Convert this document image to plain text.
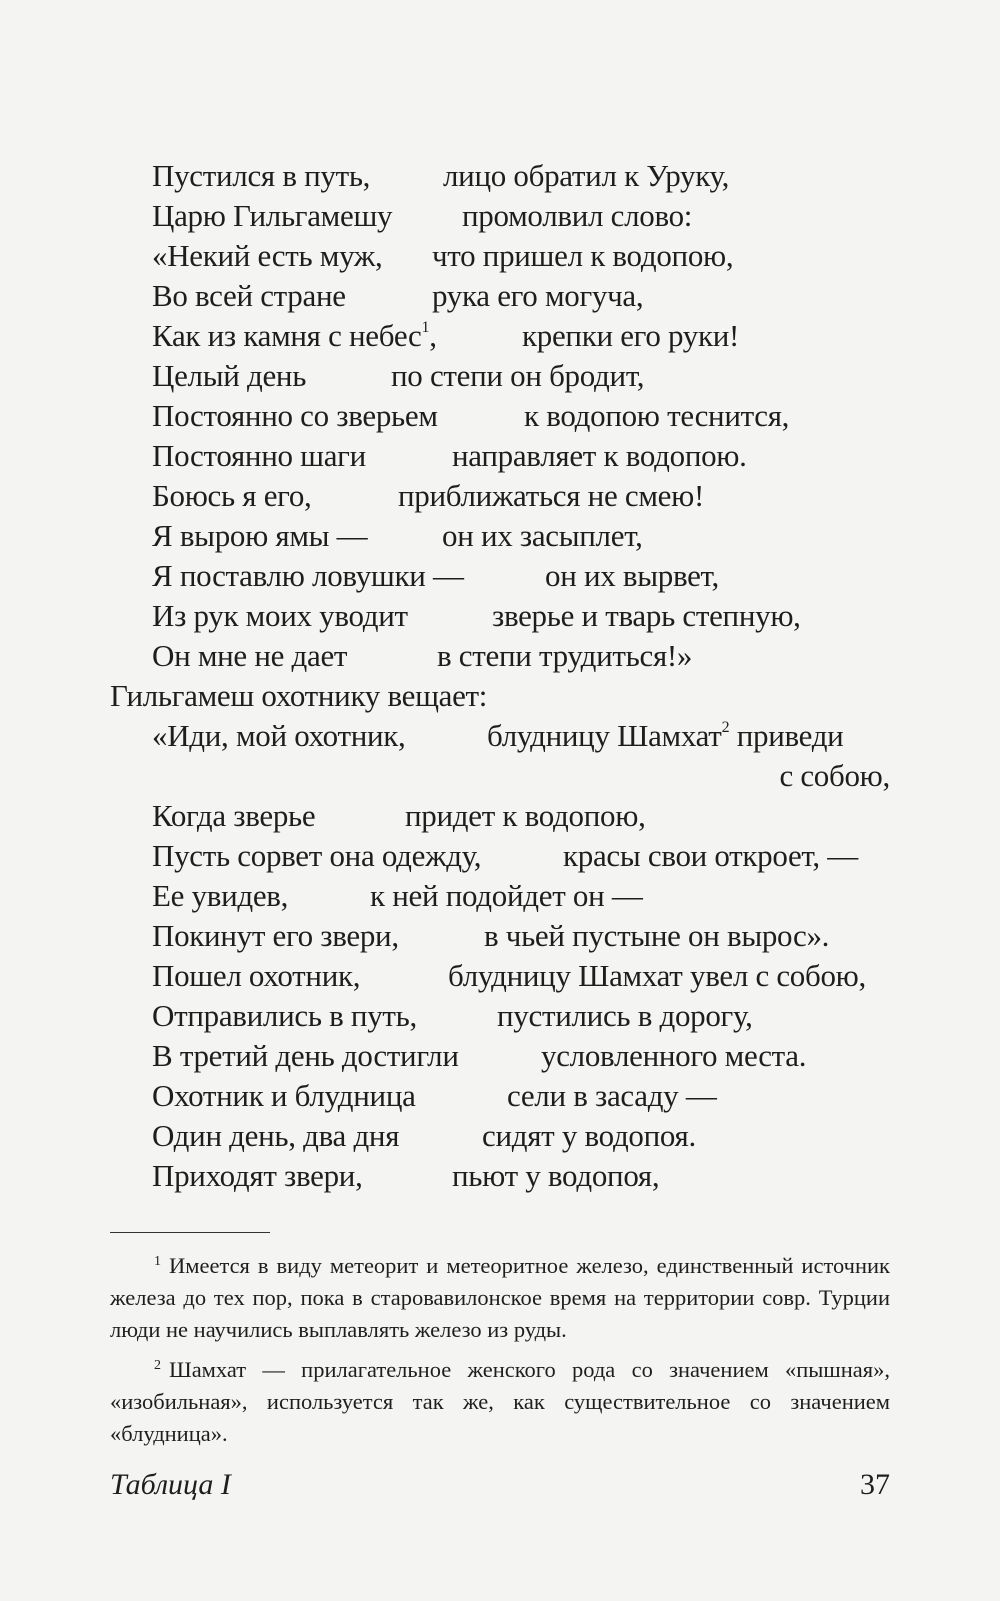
Пустился в путь, лицо обратил к Уруку,
Царю Гильгамешу промолвил слово:
«Некий есть муж, что пришел к водопою,
Во всей стране	рука его могуча,
Как из камня с небес$^1$,	крепки его руки!
Целый день	по степи он бродит,
Постоянно со зверьем	к водопою теснится,
Постоянно шаги	направляет к водопою.
Боюсь я его,	приближаться не смею!
Я вырою ямы — он их засыплет,
Я поставлю ловушки —	он их вырвет,
Из рук моих уводит	зверье и тварь степную,
Он мне не дает	в степи трудиться!»
Гильгамеш охотнику вещает:
«Иди, мой охотник,	блудницу Шамхат$^2$ приведи
с собою,
Когда зверье	придет к водопою,
Пусть сорвет она одежду,	красы свои откроет, —
Ее увидев,	к ней подойдет он —
Покинут его звери,	в чьей пустыне он вырос».
Пошел охотник,	блудницу Шамхат увел с собою,
Отправились в путь,	пустились в дорогу,
В третий день достигли	условленного места.
Охотник и блудница	сели в засаду —
Один день, два дня	сидят у водопоя.
Приходят звери,	пьют у водопоя,

$^1$ Имеется в виду метеорит и метеоритное железо, единственный источник железа до тех пор, пока в старовавилонское время на территории совр. Турции люди не научились выплавлять железо из руды.

$^2$ Шамхат — прилагательное женского рода со значением «пышная», «изобильная», используется так же, как существительное со значением «блудница».

Таблица I	37
